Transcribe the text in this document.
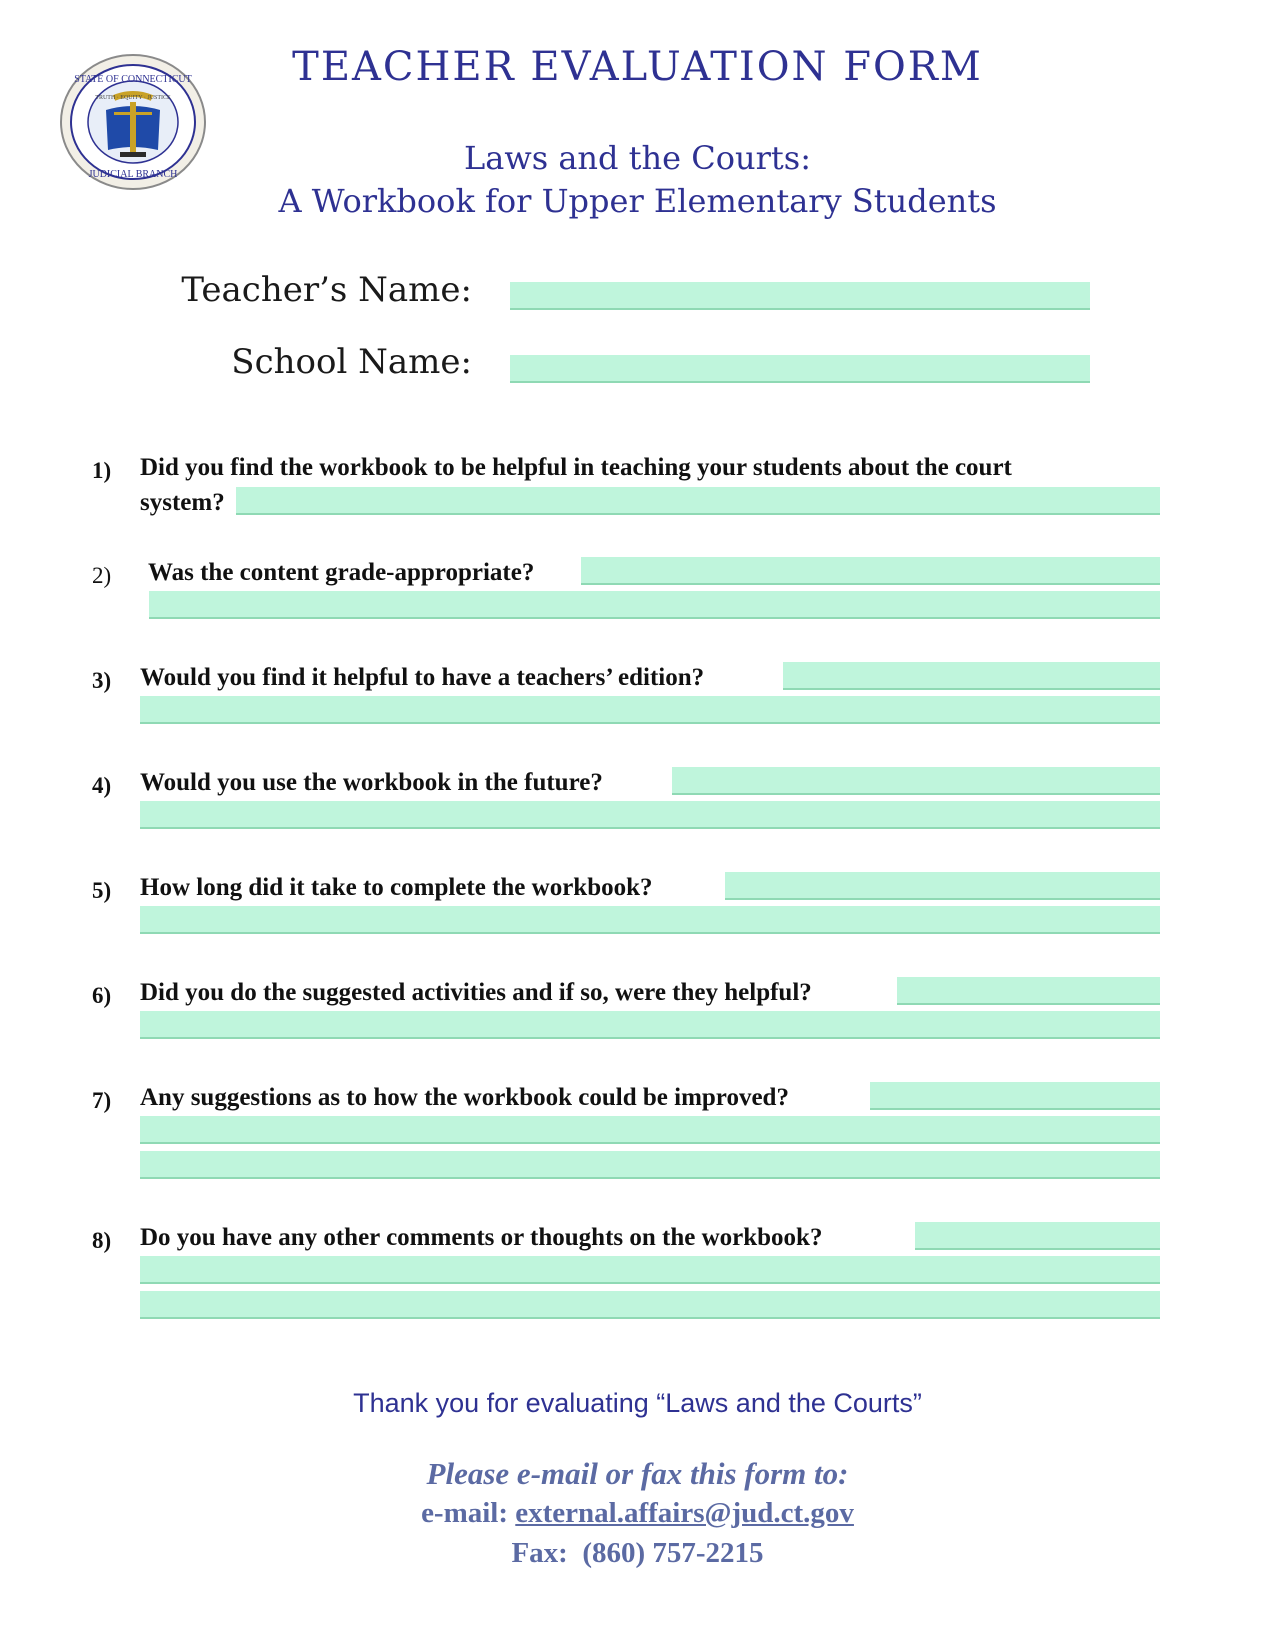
STATE OF CONNECTICUT
TRUTH · EQUITY · JUSTICE
JUDICIAL BRANCH
TEACHER EVALUATION FORM
Laws and the Courts:
A Workbook for Upper Elementary Students
Teacher’s Name:
School Name:
1) Did you find the workbook to be helpful in teaching your students about the court
system?
2) Was the content grade-appropriate?
3) Would you find it helpful to have a teachers’ edition?
4) Would you use the workbook in the future?
5) How long did it take to complete the workbook?
6) Did you do the suggested activities and if so, were they helpful?
7) Any suggestions as to how the workbook could be improved?
8) Do you have any other comments or thoughts on the workbook?
Thank you for evaluating “Laws and the Courts”
Please e-mail or fax this form to:
e-mail: external.affairs@jud.ct.gov
Fax: (860) 757-2215
